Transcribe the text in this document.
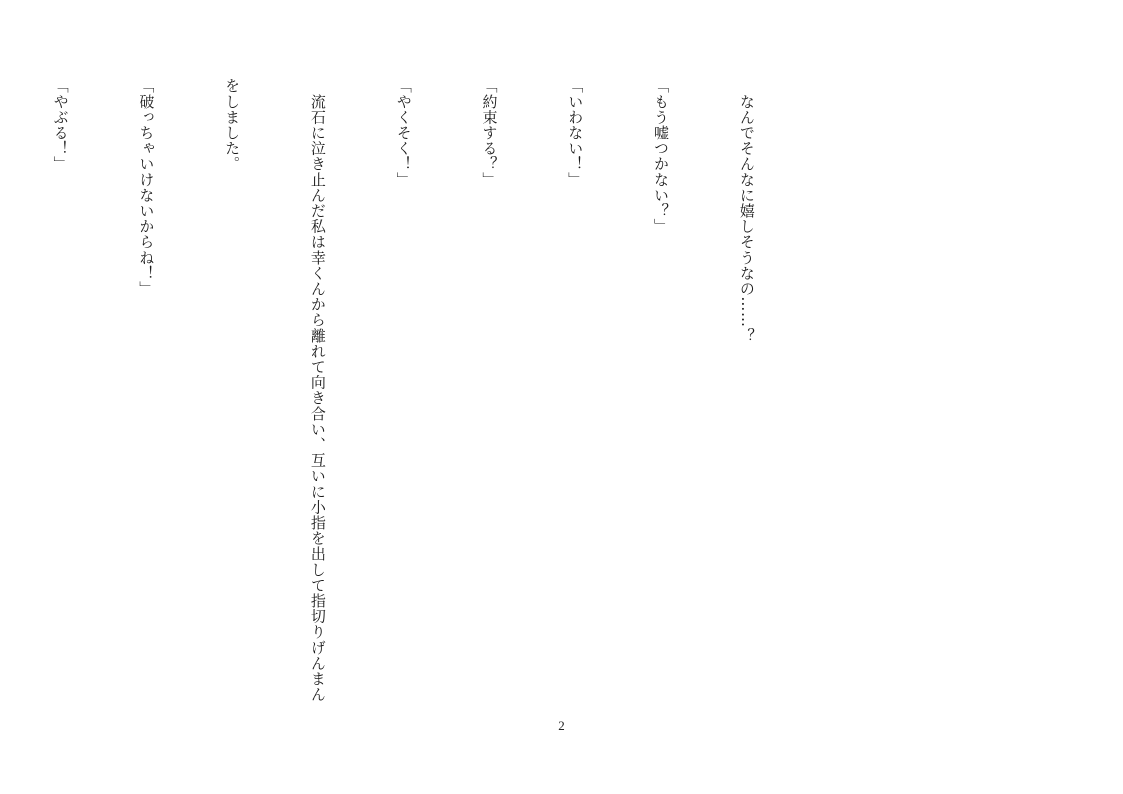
　なんでそんなに嬉しそうなの……？

「もう嘘つかない？」

「いわない！」

「約束する？」

「やくそく！」

　流石に泣き止んだ私は幸くんから離れて向き合い、互いに小指を出して指切りげんまん

をしました。

「破っちゃいけないからね！」

「やぶる！」

2
